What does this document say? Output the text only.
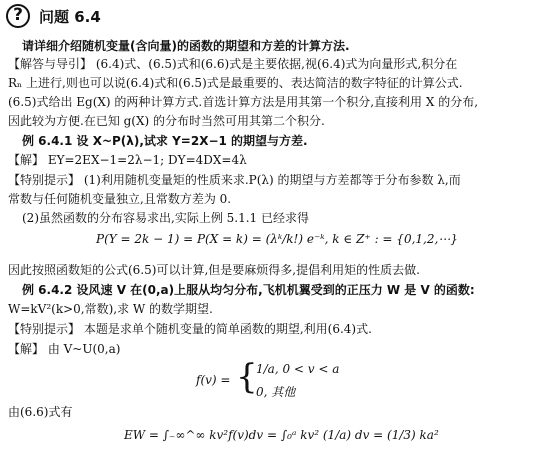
?	问题 6.4
请详细介绍随机变量(含向量)的函数的期望和方差的计算方法.
【解答与导引】 (6.4)式、(6.5)式和(6.6)式是主要依据,视(6.4)式为向量形式,积分在
Rₙ 上进行,则也可以说(6.4)式和(6.5)式是最重要的、表达简洁的数字特征的计算公式.
(6.5)式给出 Eg(X) 的两种计算方式.首选计算方法是用其第一个积分,直接利用 X 的分布,
因此较为方便.在已知 g(X) 的分布时当然可用其第二个积分.
例 6.4.1 设 X~P(λ),试求 Y=2X−1 的期望与方差.
【解】 EY=2EX−1=2λ−1; DY=4DX=4λ
【特别提示】 (1)利用随机变量矩的性质来求.P(λ) 的期望与方差都等于分布参数 λ,而
常数与任何随机变量独立,且常数方差为 0.
(2)虽然函数的分布容易求出,实际上例 5.1.1 已经求得
P(Y = 2k − 1) = P(X = k) = (λᵏ/k!) e⁻ᵏ, k ∈ Z⁺ : = {0,1,2,⋯}
因此按照函数矩的公式(6.5)可以计算,但是要麻烦得多,提倡利用矩的性质去做.
例 6.4.2 设风速 V 在(0,a)上服从均匀分布,飞机机翼受到的正压力 W 是 V 的函数:
W=kV²(k>0,常数),求 W 的数学期望.
【特别提示】 本题是求单个随机变量的简单函数的期望,利用(6.4)式.
【解】 由 V~U(0,a)
f(v) = {
1/a, 0 < v < a
0, 其他
由(6.6)式有
EW = ∫₋∞^∞ kv²f(v)dv = ∫₀ᵃ kv² (1/a) dv = (1/3) ka²
